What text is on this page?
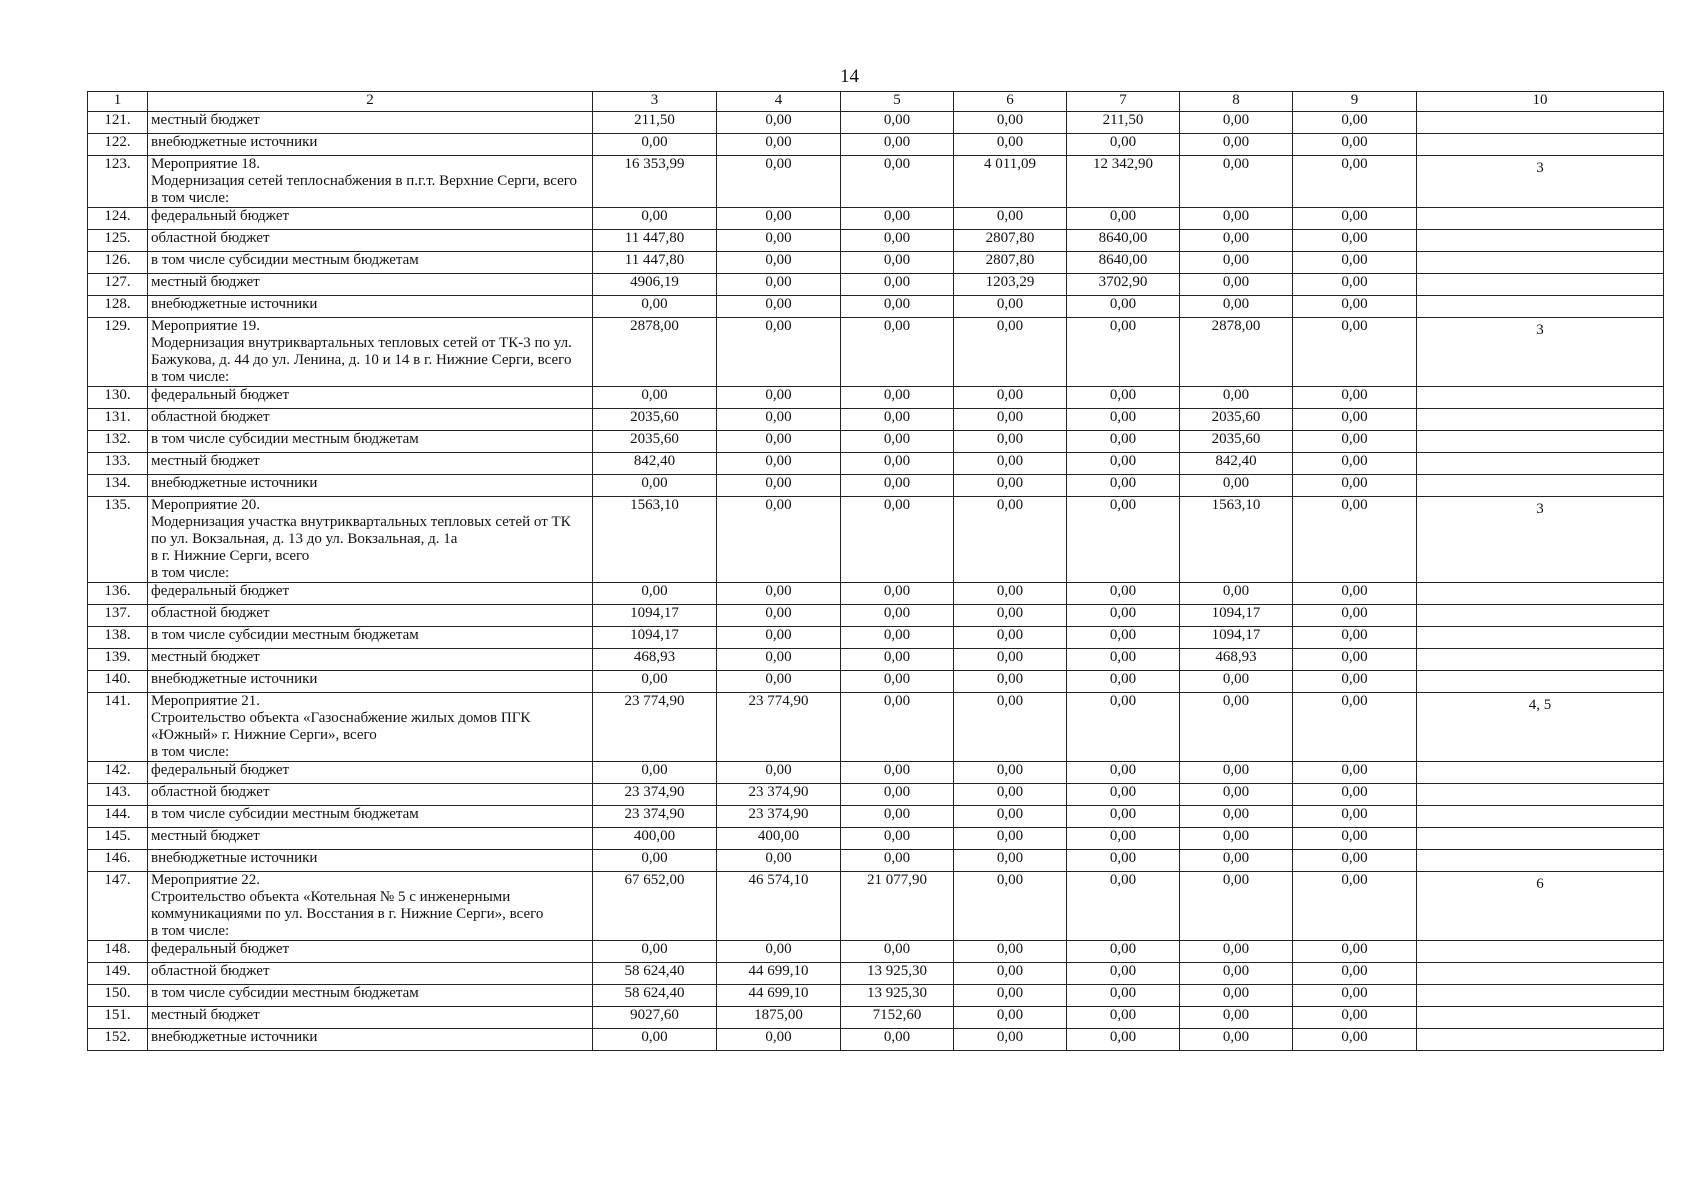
14
1	2	3	4	5	6	7	8	9	10
121.	местный бюджет	211,50	0,00	0,00	0,00	211,50	0,00	0,00	
122.	внебюджетные источники	0,00	0,00	0,00	0,00	0,00	0,00	0,00	
123.	Мероприятие 18.
Модернизация сетей теплоснабжения в п.г.т. Верхние Серги, всего
в том числе:	16 353,99	0,00	0,00	4 011,09	12 342,90	0,00	0,00	3
124.	федеральный бюджет	0,00	0,00	0,00	0,00	0,00	0,00	0,00	
125.	областной бюджет	11 447,80	0,00	0,00	2807,80	8640,00	0,00	0,00	
126.	в том числе субсидии местным бюджетам	11 447,80	0,00	0,00	2807,80	8640,00	0,00	0,00	
127.	местный бюджет	4906,19	0,00	0,00	1203,29	3702,90	0,00	0,00	
128.	внебюджетные источники	0,00	0,00	0,00	0,00	0,00	0,00	0,00	
129.	Мероприятие 19.
Модернизация внутриквартальных тепловых сетей от ТК-3 по ул. Бажукова, д. 44 до ул. Ленина, д. 10 и 14 в г. Нижние Серги, всего
в том числе:	2878,00	0,00	0,00	0,00	0,00	2878,00	0,00	3
130.	федеральный бюджет	0,00	0,00	0,00	0,00	0,00	0,00	0,00	
131.	областной бюджет	2035,60	0,00	0,00	0,00	0,00	2035,60	0,00	
132.	в том числе субсидии местным бюджетам	2035,60	0,00	0,00	0,00	0,00	2035,60	0,00	
133.	местный бюджет	842,40	0,00	0,00	0,00	0,00	842,40	0,00	
134.	внебюджетные источники	0,00	0,00	0,00	0,00	0,00	0,00	0,00	
135.	Мероприятие 20.
Модернизация участка внутриквартальных тепловых сетей от ТК по ул. Вокзальная, д. 13 до ул. Вокзальная, д. 1а
в г. Нижние Серги, всего
в том числе:	1563,10	0,00	0,00	0,00	0,00	1563,10	0,00	3
136.	федеральный бюджет	0,00	0,00	0,00	0,00	0,00	0,00	0,00	
137.	областной бюджет	1094,17	0,00	0,00	0,00	0,00	1094,17	0,00	
138.	в том числе субсидии местным бюджетам	1094,17	0,00	0,00	0,00	0,00	1094,17	0,00	
139.	местный бюджет	468,93	0,00	0,00	0,00	0,00	468,93	0,00	
140.	внебюджетные источники	0,00	0,00	0,00	0,00	0,00	0,00	0,00	
141.	Мероприятие 21.
Строительство объекта «Газоснабжение жилых домов ПГК «Южный» г. Нижние Серги», всего
в том числе:	23 774,90	23 774,90	0,00	0,00	0,00	0,00	0,00	4, 5
142.	федеральный бюджет	0,00	0,00	0,00	0,00	0,00	0,00	0,00	
143.	областной бюджет	23 374,90	23 374,90	0,00	0,00	0,00	0,00	0,00	
144.	в том числе субсидии местным бюджетам	23 374,90	23 374,90	0,00	0,00	0,00	0,00	0,00	
145.	местный бюджет	400,00	400,00	0,00	0,00	0,00	0,00	0,00	
146.	внебюджетные источники	0,00	0,00	0,00	0,00	0,00	0,00	0,00	
147.	Мероприятие 22.
Строительство объекта «Котельная № 5 с инженерными коммуникациями по ул. Восстания в г. Нижние Серги», всего
в том числе:	67 652,00	46 574,10	21 077,90	0,00	0,00	0,00	0,00	6
148.	федеральный бюджет	0,00	0,00	0,00	0,00	0,00	0,00	0,00	
149.	областной бюджет	58 624,40	44 699,10	13 925,30	0,00	0,00	0,00	0,00	
150.	в том числе субсидии местным бюджетам	58 624,40	44 699,10	13 925,30	0,00	0,00	0,00	0,00	
151.	местный бюджет	9027,60	1875,00	7152,60	0,00	0,00	0,00	0,00	
152.	внебюджетные источники	0,00	0,00	0,00	0,00	0,00	0,00	0,00	
